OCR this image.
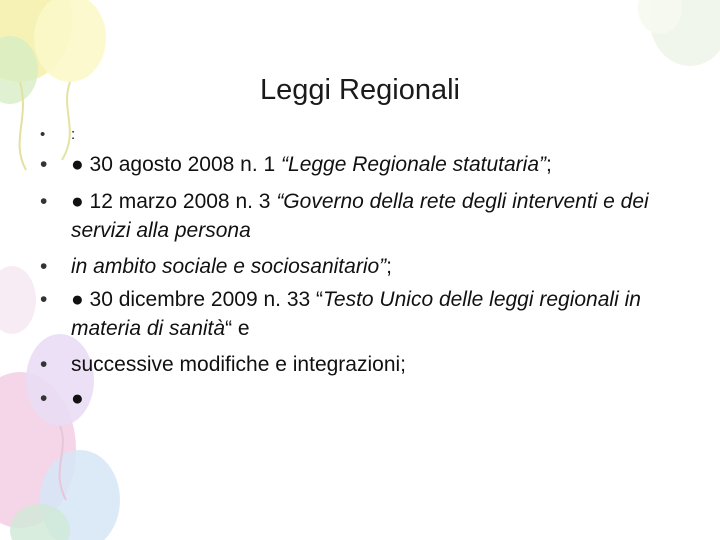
Leggi Regionali
•	:
•	● 30 agosto 2008 n. 1 “Legge Regionale statutaria”;
•	● 12 marzo 2008 n. 3 “Governo della rete degli interventi e dei servizi alla persona
•	in ambito sociale e sociosanitario”;
•	● 30 dicembre 2009 n. 33 “Testo Unico delle leggi regionali in materia di sanità“ e
•	successive modifiche e integrazioni;
•	●
